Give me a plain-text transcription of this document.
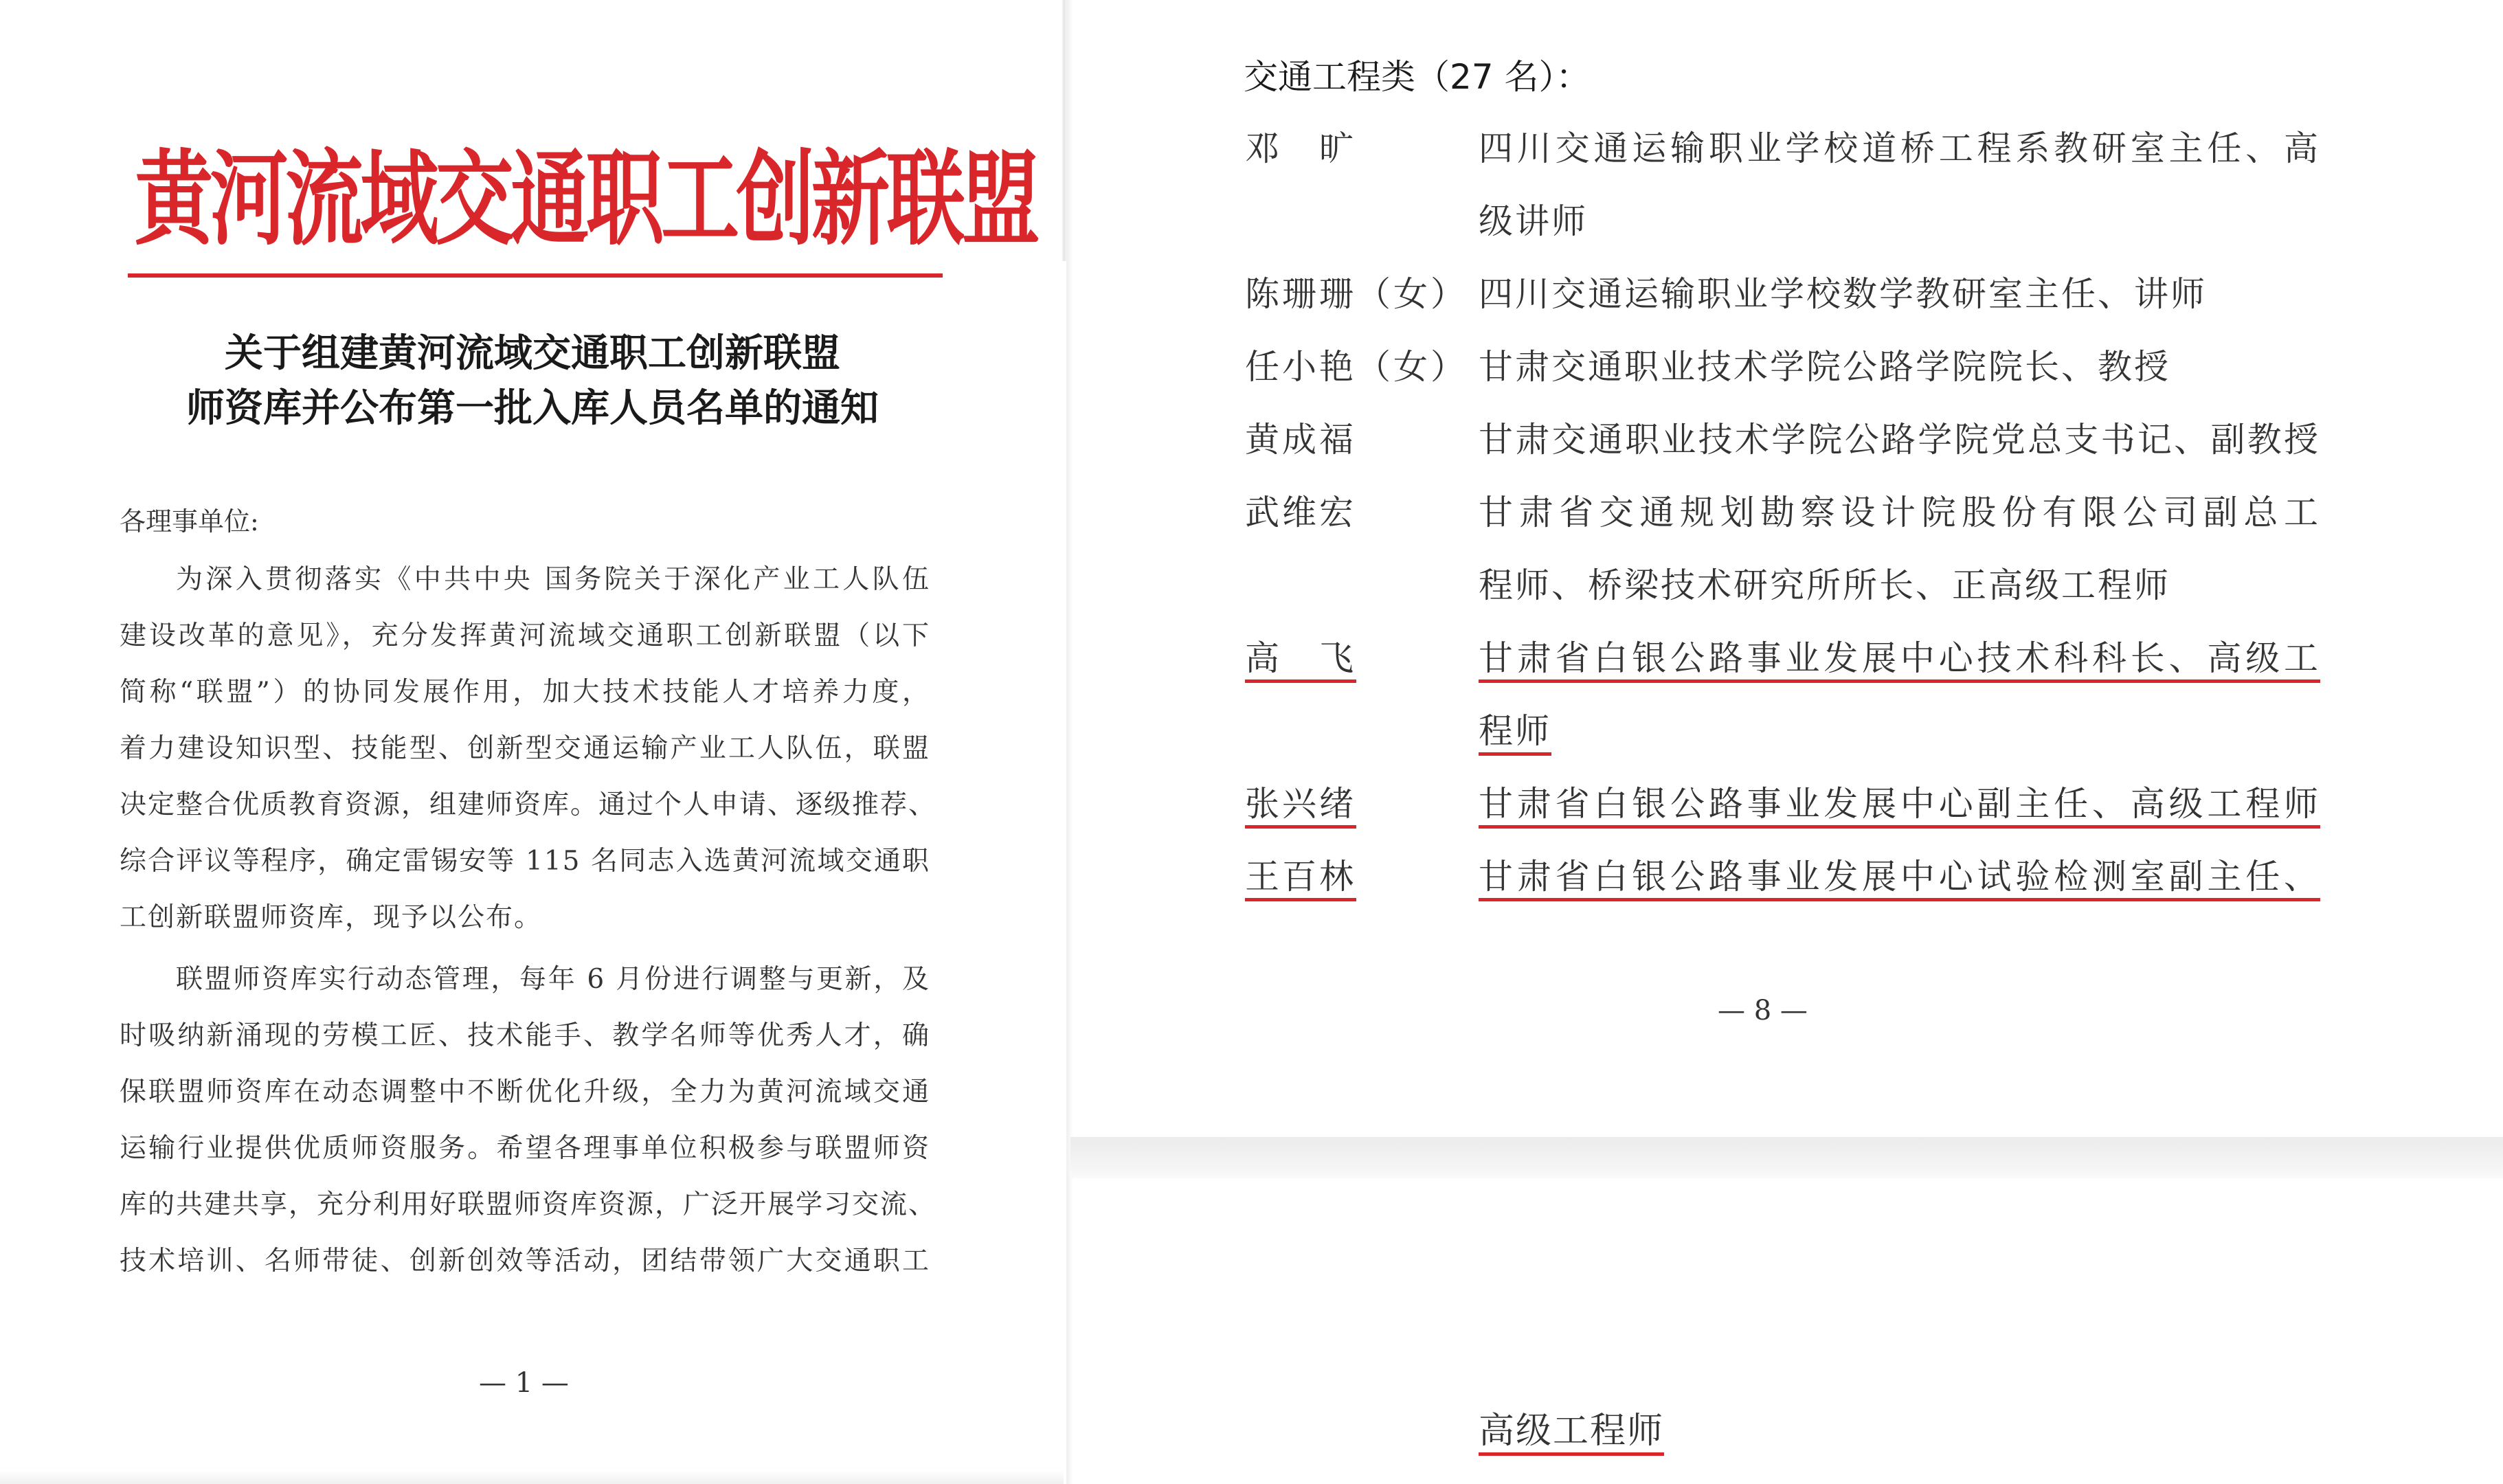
黄河流域交通职工创新联盟
关于组建黄河流域交通职工创新联盟
师资库并公布第一批入库人员名单的通知
各理事单位:
为深入贯彻落实《中共中央 国务院关于深化产业工人队伍
建设改革的意见》，充分发挥黄河流域交通职工创新联盟（以下
简称“联盟”）的协同发展作用，加大技术技能人才培养力度，
着力建设知识型、技能型、创新型交通运输产业工人队伍，联盟
决定整合优质教育资源，组建师资库。通过个人申请、逐级推荐、
综合评议等程序，确定雷锡安等 115 名同志入选黄河流域交通职
工创新联盟师资库，现予以公布。
联盟师资库实行动态管理，每年 6 月份进行调整与更新，及
时吸纳新涌现的劳模工匠、技术能手、教学名师等优秀人才，确
保联盟师资库在动态调整中不断优化升级，全力为黄河流域交通
运输行业提供优质师资服务。希望各理事单位积极参与联盟师资
库的共建共享，充分利用好联盟师资库资源，广泛开展学习交流、
技术培训、名师带徒、创新创效等活动，团结带领广大交通职工
— 1 —
交通工程类（27 名）：
邓　旷	四川交通运输职业学校道桥工程系教研室主任、高
级讲师
陈珊珊（女） 四川交通运输职业学校数学教研室主任、讲师
任小艳（女） 甘肃交通职业技术学院公路学院院长、教授
黄成福	甘肃交通职业技术学院公路学院党总支书记、副教授
武维宏	甘肃省交通规划勘察设计院股份有限公司副总工
程师、桥梁技术研究所所长、正高级工程师
高　飞	甘肃省白银公路事业发展中心技术科科长、高级工
程师
张兴绪	甘肃省白银公路事业发展中心副主任、高级工程师
王百林	甘肃省白银公路事业发展中心试验检测室副主任、
— 8 —
高级工程师
